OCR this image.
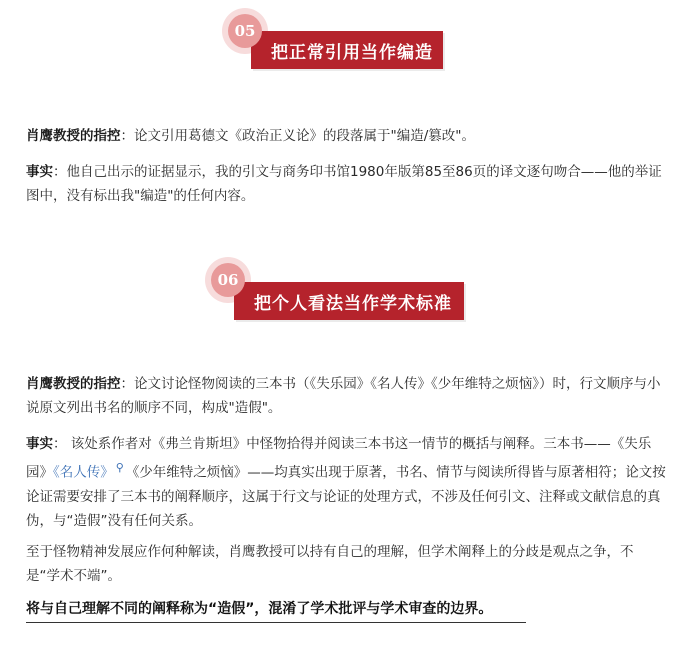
把正常引用当作编造
05

肖鹰教授的指控：论文引用葛德文《政治正义论》的段落属于"编造/篡改"。

事实：他自己出示的证据显示，我的引文与商务印书馆1980年版第85至86页的译文逐句吻合——他的举证图中，没有标出我"编造"的任何内容。

把个人看法当作学术标准
06

肖鹰教授的指控：论文讨论怪物阅读的三本书（《失乐园》《名人传》《少年维特之烦恼》）时，行文顺序与小说原文列出书名的顺序不同，构成"造假"。

事实： 该处系作者对《弗兰肯斯坦》中怪物拾得并阅读三本书这一情节的概括与阐释。三本书——《失乐园》《名人传》 ⚲ 《少年维特之烦恼》——均真实出现于原著，书名、情节与阅读所得皆与原著相符；论文按论证需要安排了三本书的阐释顺序，这属于行文与论证的处理方式，不涉及任何引文、注释或文献信息的真伪，与“造假”没有任何关系。

至于怪物精神发展应作何种解读，肖鹰教授可以持有自己的理解，但学术阐释上的分歧是观点之争，不是“学术不端”。

将与自己理解不同的阐释称为“造假”，混淆了学术批评与学术审查的边界。
